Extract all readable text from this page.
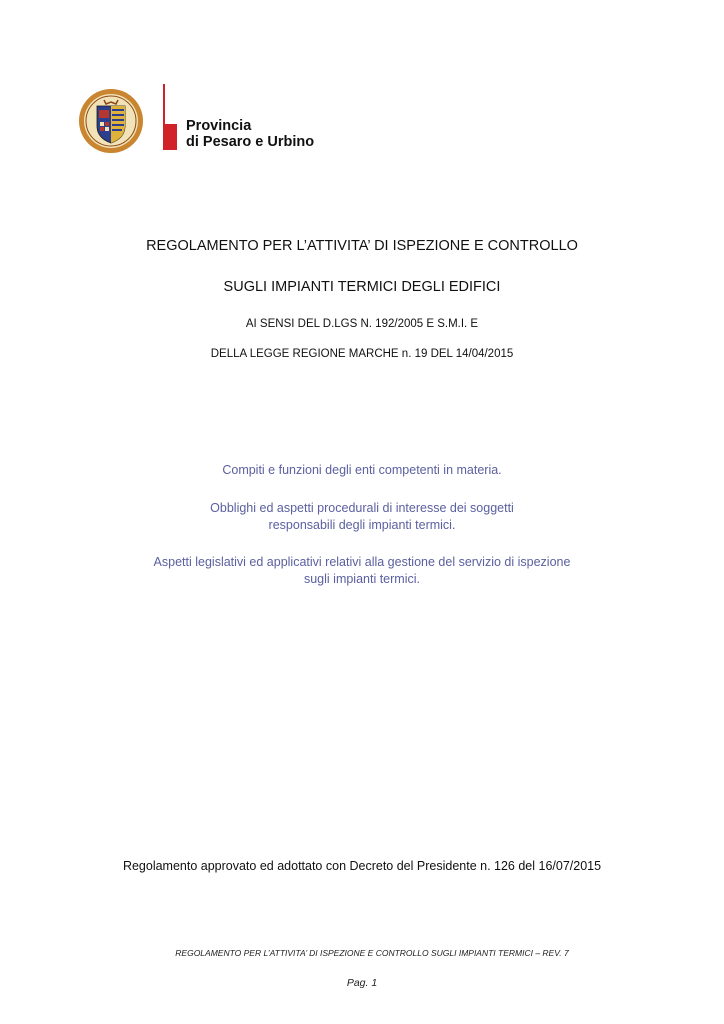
Provincia
di Pesaro e Urbino
REGOLAMENTO PER L’ATTIVITA’ DI ISPEZIONE E CONTROLLO
SUGLI IMPIANTI TERMICI DEGLI EDIFICI
AI SENSI DEL D.LGS N. 192/2005 E S.M.I. E
DELLA LEGGE REGIONE MARCHE n. 19 DEL 14/04/2015
Compiti e funzioni degli enti competenti in materia.
Obblighi ed aspetti procedurali di interesse dei soggetti
responsabili degli impianti termici.
Aspetti legislativi ed applicativi relativi alla gestione del servizio di ispezione
sugli impianti termici.
Regolamento approvato ed adottato con Decreto del Presidente n. 126 del 16/07/2015
REGOLAMENTO PER L’ATTIVITA’ DI ISPEZIONE E CONTROLLO SUGLI IMPIANTI TERMICI – REV. 7
Pag. 1
